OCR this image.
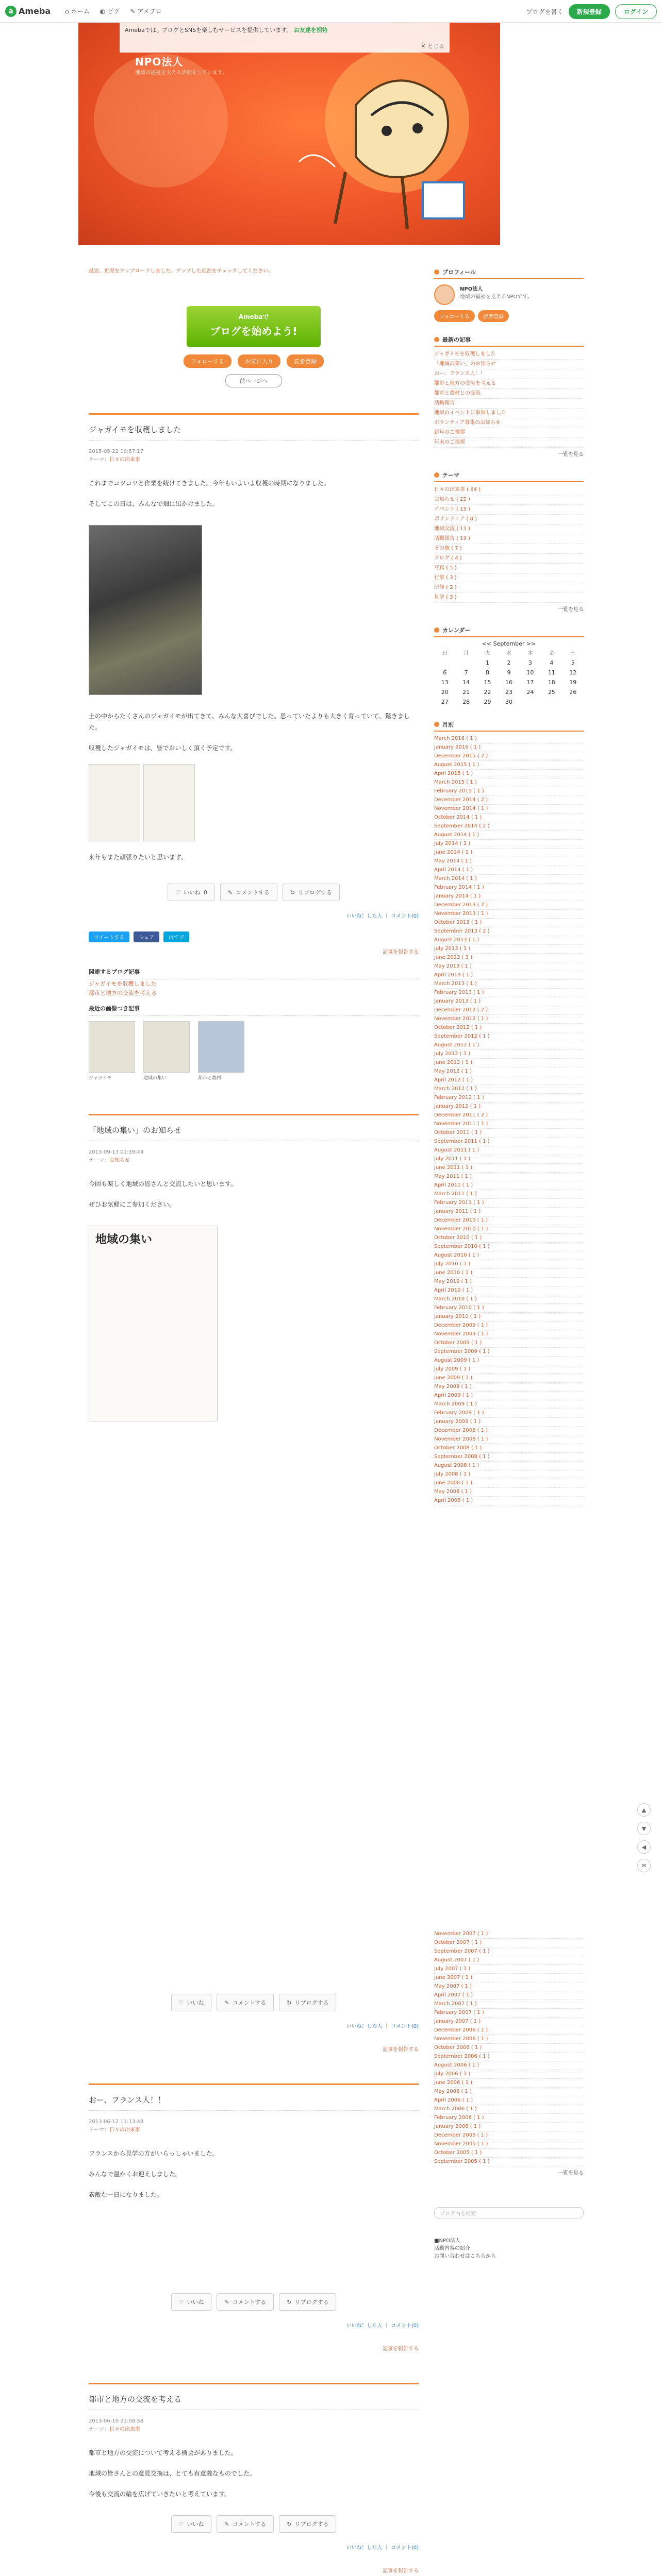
a Ameba ⌂ ホーム ◐ ピグ ✎ アメブロ	ブログを書く	新規登録	ログイン
NPO法人
地域の福祉を支える活動をしています。
Amebaでは、ブログとSNSを楽しむサービスを提供しています。 お友達を招待
✕ とじる
最近、近況をアップロードしました。アップした近況をチェックしてください。
Amebaで
ブログを始めよう!
フォローする	お気に入り	読者登録
前ページへ
ジャガイモを収穫しました
2015-05-22 10:57:17
テーマ：日々の出来事

これまでコツコツと作業を続けてきました。今年もいよいよ収穫の時期になりました。

そしてこの日は、みんなで畑に出かけました。

土の中からたくさんのジャガイモが出てきて、みんな大喜びでした。思っていたよりも大きく育っていて、驚きました。

収穫したジャガイモは、皆でおいしく頂く予定です。

来年もまた頑張りたいと思います。

♡ いいね 0	✎ コメントする	↻ リブログする
いいね！した人 ｜ コメント(0)
ツイートする	シェア	はてブ
記事を報告する
関連するブログ記事
ジャガイモを収穫しました
都市と地方の交流を考える
最近の画像つき記事
ジャガイモ	地域の集い	都市と農村
「地域の集い」のお知らせ
2013-09-13 01:39:49
テーマ：お知らせ

今回も楽しく地域の皆さんと交流したいと思います。

ぜひお気軽にご参加ください。

地域の集い
♡ いいね	✎ コメントする	↻ リブログする
いいね！した人 ｜ コメント(0)
記事を報告する
おー、フランス人！！
2013-06-12 11:13:48
テーマ：日々の出来事

フランスから見学の方がいらっしゃいました。

みんなで温かくお迎えしました。

素敵な一日になりました。

♡ いいね	✎ コメントする	↻ リブログする
いいね！した人 ｜ コメント(0)
記事を報告する
都市と地方の交流を考える
2013-06-10 21:08:58
テーマ：日々の出来事

都市と地方の交流について考える機会がありました。

地域の皆さんとの意見交換は、とても有意義なものでした。

今後も交流の輪を広げていきたいと考えています。

♡ いいね	✎ コメントする	↻ リブログする
いいね！した人 ｜ コメント(0)
記事を報告する
プロフィール
NPO法人
地域の福祉を支えるNPOです。
フォローする	読者登録
最新の記事
ジャガイモを収穫しました
「地域の集い」のお知らせ
おー、フランス人！！
都市と地方の交流を考える
都市と農村との交流
活動報告
地域のイベントに参加しました
ボランティア募集のお知らせ
新年のご挨拶
年末のご挨拶
一覧を見る
テーマ
日々の出来事 ( 64 )
お知らせ ( 22 )
イベント ( 15 )
ボランティア ( 8 )
地域交流 ( 11 )
活動報告 ( 19 )
その他 ( 7 )
ブログ ( 4 )
写真 ( 5 )
行事 ( 3 )
研修 ( 2 )
見学 ( 3 )
一覧を見る
カレンダー
<< September >>
日	月	火	水	木	金	土
		1	2	3	4	5
6	7	8	9	10	11	12
13	14	15	16	17	18	19
20	21	22	23	24	25	26
27	28	29	30			
月別
March 2016 ( 1 )
January 2016 ( 1 )
December 2015 ( 2 )
August 2015 ( 1 )
April 2015 ( 1 )
March 2015 ( 1 )
February 2015 ( 1 )
December 2014 ( 2 )
November 2014 ( 1 )
October 2014 ( 1 )
September 2014 ( 2 )
August 2014 ( 1 )
July 2014 ( 1 )
June 2014 ( 1 )
May 2014 ( 1 )
April 2014 ( 1 )
March 2014 ( 1 )
February 2014 ( 1 )
January 2014 ( 1 )
December 2013 ( 2 )
November 2013 ( 1 )
October 2013 ( 1 )
September 2013 ( 2 )
August 2013 ( 1 )
July 2013 ( 1 )
June 2013 ( 3 )
May 2013 ( 1 )
April 2013 ( 1 )
March 2013 ( 1 )
February 2013 ( 1 )
January 2013 ( 1 )
December 2012 ( 2 )
November 2012 ( 1 )
October 2012 ( 1 )
September 2012 ( 1 )
August 2012 ( 1 )
July 2012 ( 1 )
June 2012 ( 1 )
May 2012 ( 1 )
April 2012 ( 1 )
March 2012 ( 1 )
February 2012 ( 1 )
January 2012 ( 1 )
December 2011 ( 2 )
November 2011 ( 1 )
October 2011 ( 1 )
September 2011 ( 1 )
August 2011 ( 1 )
July 2011 ( 1 )
June 2011 ( 1 )
May 2011 ( 1 )
April 2011 ( 1 )
March 2011 ( 1 )
February 2011 ( 1 )
January 2011 ( 1 )
December 2010 ( 1 )
November 2010 ( 1 )
October 2010 ( 1 )
September 2010 ( 1 )
August 2010 ( 1 )
July 2010 ( 1 )
June 2010 ( 1 )
May 2010 ( 1 )
April 2010 ( 1 )
March 2010 ( 1 )
February 2010 ( 1 )
January 2010 ( 1 )
December 2009 ( 1 )
November 2009 ( 1 )
October 2009 ( 1 )
September 2009 ( 1 )
August 2009 ( 1 )
July 2009 ( 1 )
June 2009 ( 1 )
May 2009 ( 1 )
April 2009 ( 1 )
March 2009 ( 1 )
February 2009 ( 1 )
January 2009 ( 1 )
December 2008 ( 1 )
November 2008 ( 1 )
October 2008 ( 1 )
September 2008 ( 1 )
August 2008 ( 1 )
July 2008 ( 1 )
June 2008 ( 1 )
May 2008 ( 1 )
April 2008 ( 1 )
November 2007 ( 1 )
October 2007 ( 1 )
September 2007 ( 1 )
August 2007 ( 1 )
July 2007 ( 1 )
June 2007 ( 1 )
May 2007 ( 1 )
April 2007 ( 1 )
March 2007 ( 1 )
February 2007 ( 1 )
January 2007 ( 1 )
December 2006 ( 1 )
November 2006 ( 1 )
October 2006 ( 1 )
September 2006 ( 1 )
August 2006 ( 1 )
July 2006 ( 1 )
June 2006 ( 1 )
May 2006 ( 1 )
April 2006 ( 1 )
March 2006 ( 1 )
February 2006 ( 1 )
January 2006 ( 1 )
December 2005 ( 1 )
November 2005 ( 1 )
October 2005 ( 1 )
September 2005 ( 1 )
一覧を見る
ブログ内を検索
■NPO法人
活動内容の紹介
お問い合わせはこちらから
▲
▼
◀
✉
